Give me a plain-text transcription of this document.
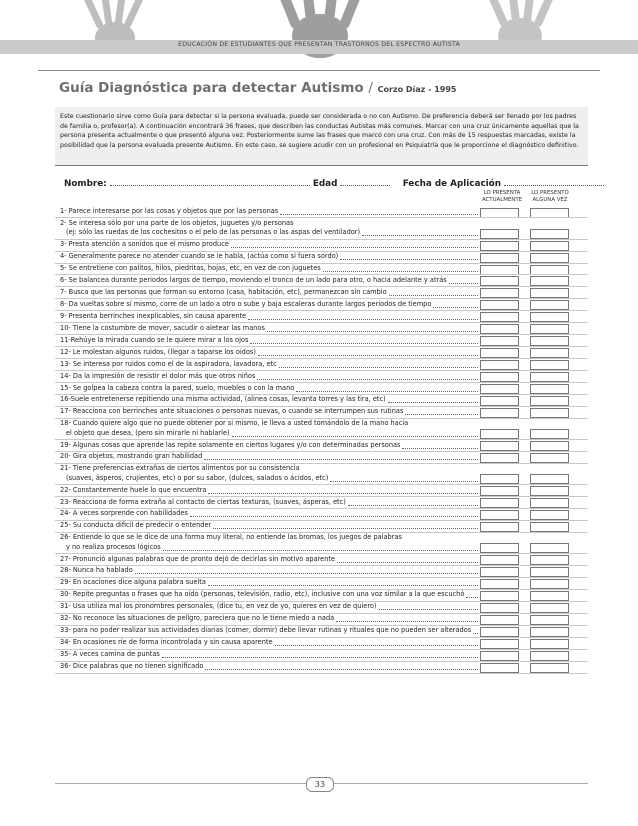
EDUCACIÓN DE ESTUDIANTES QUE PRESENTAN TRASTORNOS DEL ESPECTRO AUTISTA
Guía Diagnóstica para detectar Autismo / Corzo Díaz - 1995
Este cuestionario sirve como Guía para detectar si la persona evaluada, puede ser considerada o no con Autismo. De preferencia deberá ser llenado por los padres de familia o, profesor(a). A continuación encontrará 36 frases, que describen las conductas Autistas más comunes. Marcar con una cruz únicamente aquellas que la persona presenta actualmente o que presentó alguna vez. Posteriormente sume las frases que marcó con una cruz. Con más de 15 respuestas marcadas, existe la posibilidad que la persona evaluada presente Autismo. En este caso, se sugiere acudir con un profesional en Psiquiatría que le proporcione el diagnóstico definitivo.
Nombre:	Edad	Fecha de Aplicación
LO PRESENTA
ACTUALMENTE
LO PRESENTÓ
ALGUNA VEZ
1- Parece interesarse por las cosas y objetos que por las personas
2- Se interesa sólo por una parte de los objetos, juguetes y/o personas
(ej: sólo las ruedas de los cochesitos o el pelo de las personas o las aspas del ventilador)
3- Presta atención a sonidos que el mismo produce
4- Generalmente parece no atender cuando se le habla, (actúa como si fuera sordo)
5- Se entretiene con palitos, hilos, piedritas, hojas, etc, en vez de con juguetes
6- Se balancea durante periodos largos de tiempo, moviendo el tronco de un lado para otro, o hacia adelante y atrás
7- Busca que las personas que forman su entorno (casa, habitación, etc), permanezcan sin cambio
8- Da vueltas sobre sí mismo, corre de un lado a otro o sube y baja escaleras durante largos periodos de tiempo
9- Presenta berrinches inexplicables, sin causa aparente
10- Tiene la costumbre de mover, sacudir o aletear las manos
11-Rehúye la mirada cuando se le quiere mirar a los ojos
12- Le molestan algunos ruidos, (llegar a taparse los oidos)
13- Se interesa por ruidos como el de la aspiradora, lavadora, etc
14- Da la impresión de resistir el dolor más que otros niños
15- Se golpea la cabeza contra la pared, suelo, muebles o con la mano
16-Suele entretenerse repitiendo una misma actividad, (alinea cosas, levanta torres y las tira, etc)
17- Reacciona con berrinches ante situaciones o personas nuevas, o cuando se interrumpen sus rutinas
18- Cuando quiere algo que no puede obtener por si mismo, le lleva a usted tomándolo de la mano hacia
el objeto que desea, (pero sin mirarle ni hablarle)
19- Algunas cosas que aprende las repite solamente en ciertos lugares y/o con determinadas personas
20- Gira objetos, mostrando gran habilidad
21- Tiene preferencias extrañas de ciertos alimentos por su consistencia
(suaves, ásperos, crujientes, etc) o por su sabor, (dulces, salados o ácidos, etc)
22- Constantemente huele lo que encuentra
23- Reacciona de forma extraña al contacto de ciertas texturas, (suaves, ásperas, etc)
24- A veces sorprende con habilidades
25- Su conducta dificil de predecir o entender
26- Entiende lo que se le dice de una forma muy literal, no entiende las bromas, los juegos de palabras
y no realiza procesos lógicos
27- Pronunció algunas palabras que de pronto dejó de decirlas sin motivo aparente
28- Nunca ha hablado
29- En ocaciones dice alguna palabra suelta
30- Repite preguntas o frases que ha oído (personas, televisión, radio, etc), inclusive con una voz similar a la que escuchó
31- Usa utiliza mal los pronombres personales, (dice tu, en vez de yo, quieres en vez de quiero)
32- No reconoce las situaciones de peligro, pareciera que no le tiene miedo a nada
33- para no poder realizar sus actividades diarias (comer, dormir) debe llevar rutinas y rituales que no pueden ser alterados
34- En ocasiones ríe de forma incontrolada y sin causa aparente
35- A veces camina de puntas
36- Dice palabras que no tienen significado
33
